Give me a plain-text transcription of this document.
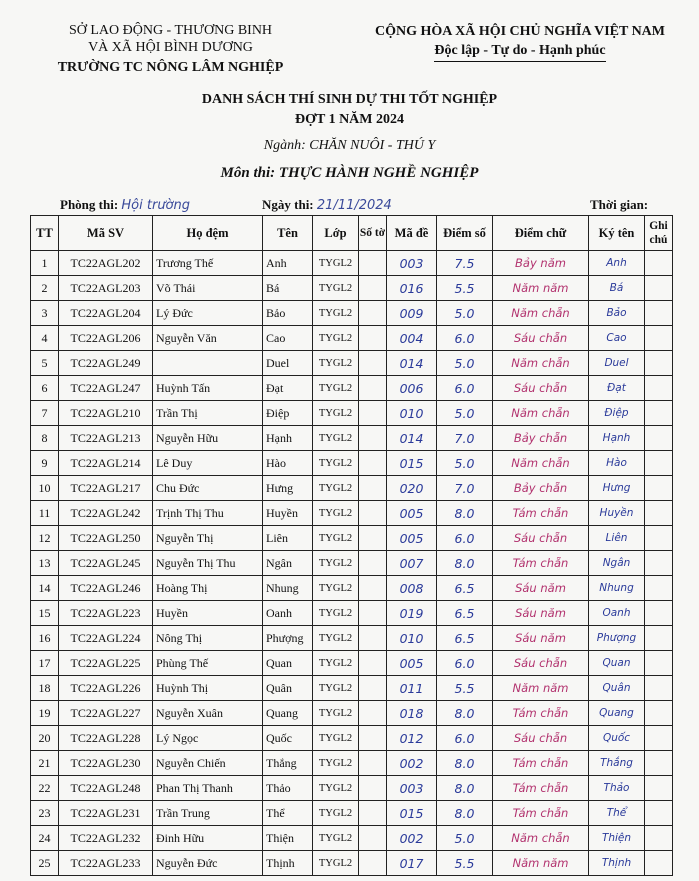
SỞ LAO ĐỘNG - THƯƠNG BINH
VÀ XÃ HỘI BÌNH DƯƠNG
TRƯỜNG TC NÔNG LÂM NGHIỆP
CỘNG HÒA XÃ HỘI CHỦ NGHĨA VIỆT NAM
Độc lập - Tự do - Hạnh phúc
DANH SÁCH THÍ SINH DỰ THI TỐT NGHIỆP
ĐỢT 1 NĂM 2024
Ngành: CHĂN NUÔI - THÚ Y
Môn thi: THỰC HÀNH NGHỀ NGHIỆP
Phòng thi: Hội trường	Ngày thi: 21/11/2024	Thời gian:
TT	Mã SV	Họ đệm	Tên	Lớp	Số tờ	Mã đề	Điểm số	Điểm chữ	Ký tên	Ghi chú
1	TC22AGL202	Trương Thế	Anh	TYGL2		003	7.5	Bảy năm	Anh	
2	TC22AGL203	Võ Thái	Bá	TYGL2		016	5.5	Năm năm	Bá	
3	TC22AGL204	Lý Đức	Bảo	TYGL2		009	5.0	Năm chẵn	Bảo	
4	TC22AGL206	Nguyễn Văn	Cao	TYGL2		004	6.0	Sáu chẵn	Cao	
5	TC22AGL249		Duel	TYGL2		014	5.0	Năm chẵn	Duel	
6	TC22AGL247	Huỳnh Tấn	Đạt	TYGL2		006	6.0	Sáu chẵn	Đạt	
7	TC22AGL210	Trần Thị	Điệp	TYGL2		010	5.0	Năm chẵn	Điệp	
8	TC22AGL213	Nguyễn Hữu	Hạnh	TYGL2		014	7.0	Bảy chẵn	Hạnh	
9	TC22AGL214	Lê Duy	Hào	TYGL2		015	5.0	Năm chẵn	Hào	
10	TC22AGL217	Chu Đức	Hưng	TYGL2		020	7.0	Bảy chẵn	Hưng	
11	TC22AGL242	Trịnh Thị Thu	Huyền	TYGL2		005	8.0	Tám chẵn	Huyền	
12	TC22AGL250	Nguyễn Thị	Liên	TYGL2		005	6.0	Sáu chẵn	Liên	
13	TC22AGL245	Nguyễn Thị Thu	Ngân	TYGL2		007	8.0	Tám chẵn	Ngân	
14	TC22AGL246	Hoàng Thị	Nhung	TYGL2		008	6.5	Sáu năm	Nhung	
15	TC22AGL223	Huyền	Oanh	TYGL2		019	6.5	Sáu năm	Oanh	
16	TC22AGL224	Nông Thị	Phượng	TYGL2		010	6.5	Sáu năm	Phượng	
17	TC22AGL225	Phùng Thế	Quan	TYGL2		005	6.0	Sáu chẵn	Quan	
18	TC22AGL226	Huỳnh Thị	Quân	TYGL2		011	5.5	Năm năm	Quân	
19	TC22AGL227	Nguyễn Xuân	Quang	TYGL2		018	8.0	Tám chẵn	Quang	
20	TC22AGL228	Lý Ngọc	Quốc	TYGL2		012	6.0	Sáu chẵn	Quốc	
21	TC22AGL230	Nguyễn Chiến	Thắng	TYGL2		002	8.0	Tám chẵn	Thắng	
22	TC22AGL248	Phan Thị Thanh	Thảo	TYGL2		003	8.0	Tám chẵn	Thảo	
23	TC22AGL231	Trần Trung	Thể	TYGL2		015	8.0	Tám chẵn	Thể	
24	TC22AGL232	Đinh Hữu	Thiện	TYGL2		002	5.0	Năm chẵn	Thiện	
25	TC22AGL233	Nguyễn Đức	Thịnh	TYGL2		017	5.5	Năm năm	Thịnh	
